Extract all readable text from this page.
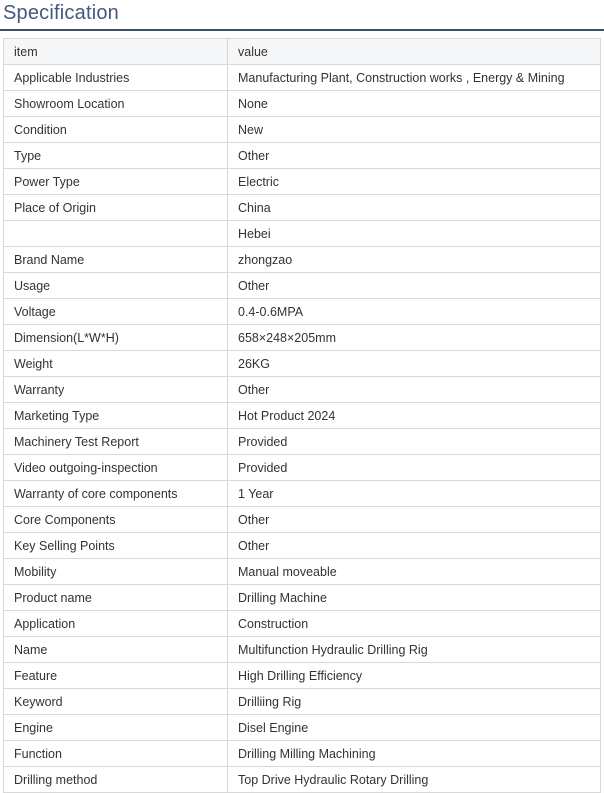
Specification
item	value
Applicable Industries	Manufacturing Plant, Construction works , Energy & Mining
Showroom Location	None
Condition	New
Type	Other
Power Type	Electric
Place of Origin	China
	Hebei
Brand Name	zhongzao
Usage	Other
Voltage	0.4-0.6MPA
Dimension(L*W*H)	658×248×205mm
Weight	26KG
Warranty	Other
Marketing Type	Hot Product 2024
Machinery Test Report	Provided
Video outgoing-inspection	Provided
Warranty of core components	1 Year
Core Components	Other
Key Selling Points	Other
Mobility	Manual moveable
Product name	Drilling Machine
Application	Construction
Name	Multifunction Hydraulic Drilling Rig
Feature	High Drilling Efficiency
Keyword	Drilliing Rig
Engine	Disel Engine
Function	Drilling Milling Machining
Drilling method	Top Drive Hydraulic Rotary Drilling
